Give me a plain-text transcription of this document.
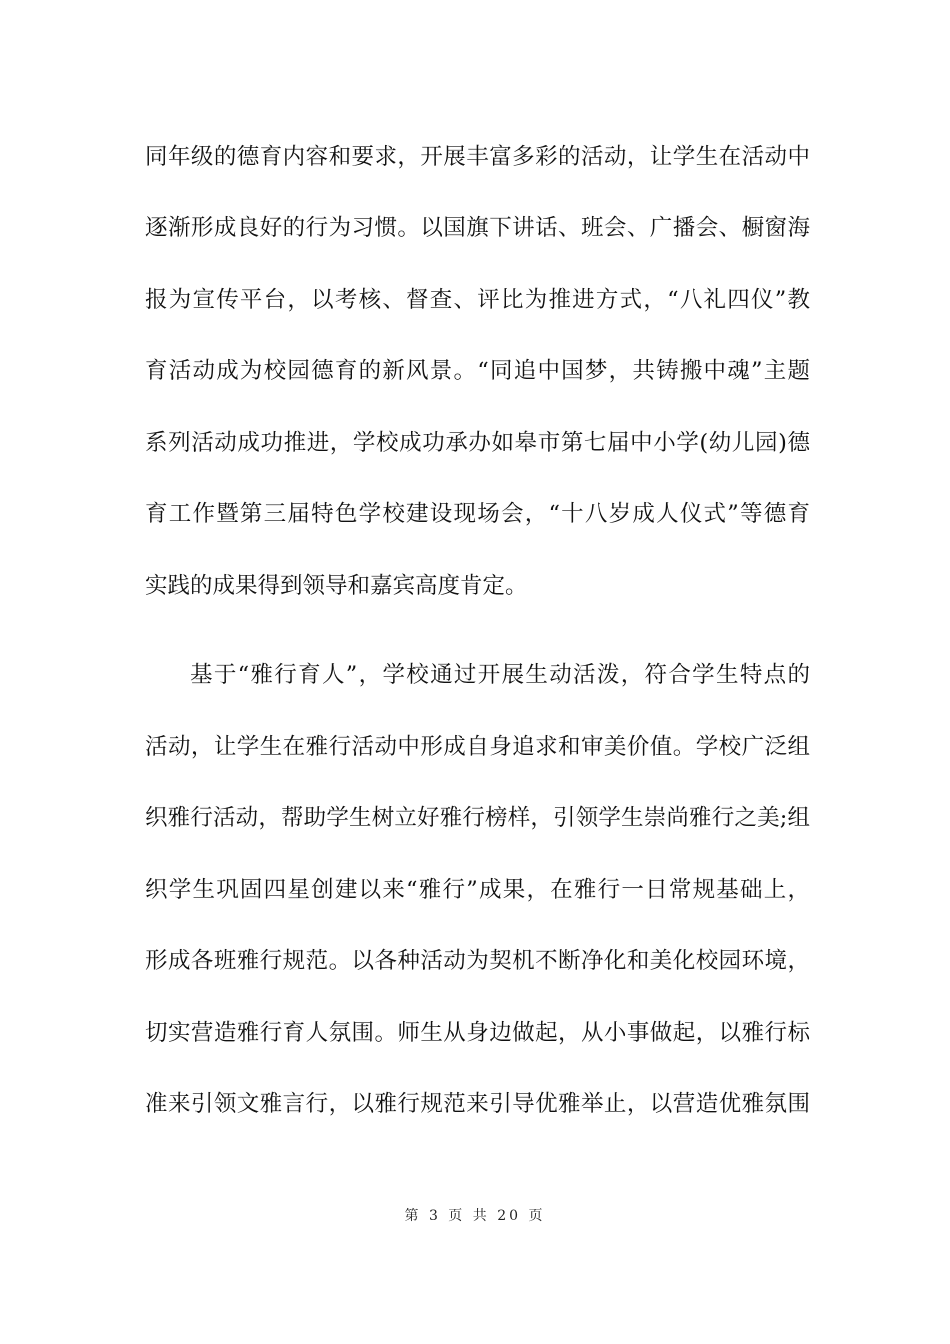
同年级的德育内容和要求，开展丰富多彩的活动，让学生在活动中
逐渐形成良好的行为习惯。以国旗下讲话、班会、广播会、橱窗海
报为宣传平台，以考核、督查、评比为推进方式，“八礼四仪”教
育活动成为校园德育的新风景。“同追中国梦，共铸搬中魂”主题
系列活动成功推进，学校成功承办如皋市第七届中小学(幼儿园)德
育工作暨第三届特色学校建设现场会，“十八岁成人仪式”等德育
实践的成果得到领导和嘉宾高度肯定。
基于“雅行育人”，学校通过开展生动活泼，符合学生特点的
活动，让学生在雅行活动中形成自身追求和审美价值。学校广泛组
织雅行活动，帮助学生树立好雅行榜样，引领学生崇尚雅行之美;组
织学生巩固四星创建以来“雅行”成果，在雅行一日常规基础上，
形成各班雅行规范。以各种活动为契机不断净化和美化校园环境，
切实营造雅行育人氛围。师生从身边做起，从小事做起，以雅行标
准来引领文雅言行，以雅行规范来引导优雅举止，以营造优雅氛围
第 3 页 共 20 页
